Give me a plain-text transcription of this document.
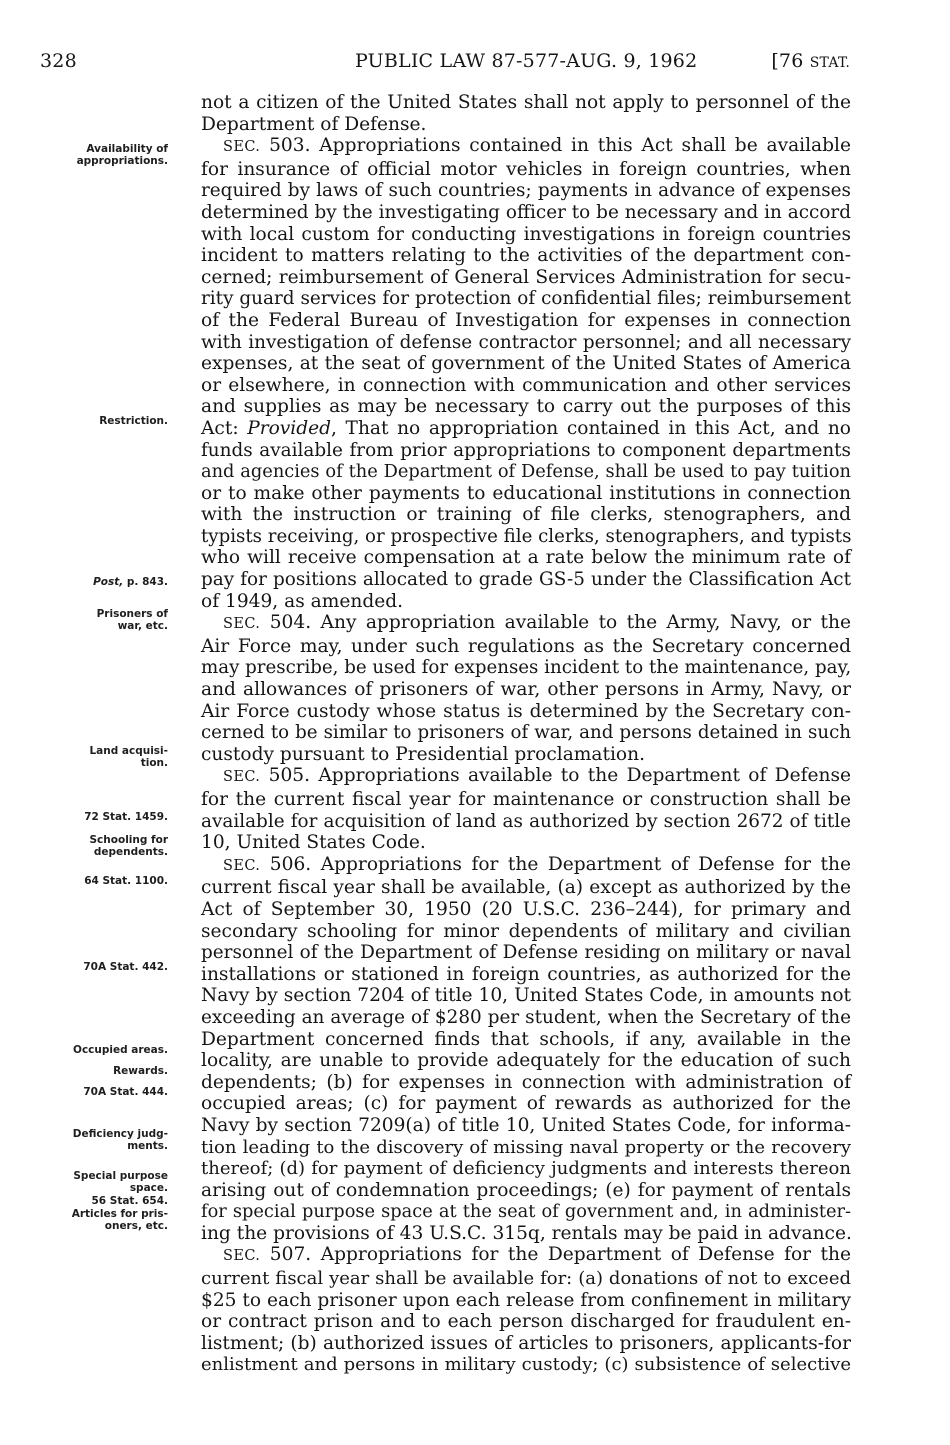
328	PUBLIC LAW 87-577-AUG. 9, 1962	[76 STAT.
not a citizen of the United States shall not apply to personnel of the
Department of Defense.
SEC. 503. Appropriations contained in this Act shall be available
for insurance of official motor vehicles in foreign countries, when
required by laws of such countries; payments in advance of expenses
determined by the investigating officer to be necessary and in accord
with local custom for conducting investigations in foreign countries
incident to matters relating to the activities of the department con-
cerned; reimbursement of General Services Administration for secu-
rity guard services for protection of confidential files; reimbursement
of the Federal Bureau of Investigation for expenses in connection
with investigation of defense contractor personnel; and all necessary
expenses, at the seat of government of the United States of America
or elsewhere, in connection with communication and other services
and supplies as may be necessary to carry out the purposes of this
Act: Provided, That no appropriation contained in this Act, and no
funds available from prior appropriations to component departments
and agencies of the Department of Defense, shall be used to pay tuition
or to make other payments to educational institutions in connection
with the instruction or training of file clerks, stenographers, and
typists receiving, or prospective file clerks, stenographers, and typists
who will receive compensation at a rate below the minimum rate of
pay for positions allocated to grade GS-5 under the Classification Act
of 1949, as amended.
SEC. 504. Any appropriation available to the Army, Navy, or the
Air Force may, under such regulations as the Secretary concerned
may prescribe, be used for expenses incident to the maintenance, pay,
and allowances of prisoners of war, other persons in Army, Navy, or
Air Force custody whose status is determined by the Secretary con-
cerned to be similar to prisoners of war, and persons detained in such
custody pursuant to Presidential proclamation.
SEC. 505. Appropriations available to the Department of Defense
for the current fiscal year for maintenance or construction shall be
available for acquisition of land as authorized by section 2672 of title
10, United States Code.
SEC. 506. Appropriations for the Department of Defense for the
current fiscal year shall be available, (a) except as authorized by the
Act of September 30, 1950 (20 U.S.C. 236–244), for primary and
secondary schooling for minor dependents of military and civilian
personnel of the Department of Defense residing on military or naval
installations or stationed in foreign countries, as authorized for the
Navy by section 7204 of title 10, United States Code, in amounts not
exceeding an average of $280 per student, when the Secretary of the
Department concerned finds that schools, if any, available in the
locality, are unable to provide adequately for the education of such
dependents; (b) for expenses in connection with administration of
occupied areas; (c) for payment of rewards as authorized for the
Navy by section 7209(a) of title 10, United States Code, for informa-
tion leading to the discovery of missing naval property or the recovery
thereof; (d) for payment of deficiency judgments and interests thereon
arising out of condemnation proceedings; (e) for payment of rentals
for special purpose space at the seat of government and, in administer-
ing the provisions of 43 U.S.C. 315q, rentals may be paid in advance.
SEC. 507. Appropriations for the Department of Defense for the
current fiscal year shall be available for: (a) donations of not to exceed
$25 to each prisoner upon each release from confinement in military
or contract prison and to each person discharged for fraudulent en-
listment; (b) authorized issues of articles to prisoners, applicants-for
enlistment and persons in military custody; (c) subsistence of selective
Availability of
appropriations.
Restriction.
Post, p. 843.
Prisoners of
war, etc.
Land acquisi-
tion.
72 Stat. 1459.
Schooling for
dependents.
64 Stat. 1100.
70A Stat. 442.
Occupied areas.
Rewards.
70A Stat. 444.
Deficiency judg-
ments.
Special purpose
space.
56 Stat. 654.
Articles for pris-
oners, etc.
